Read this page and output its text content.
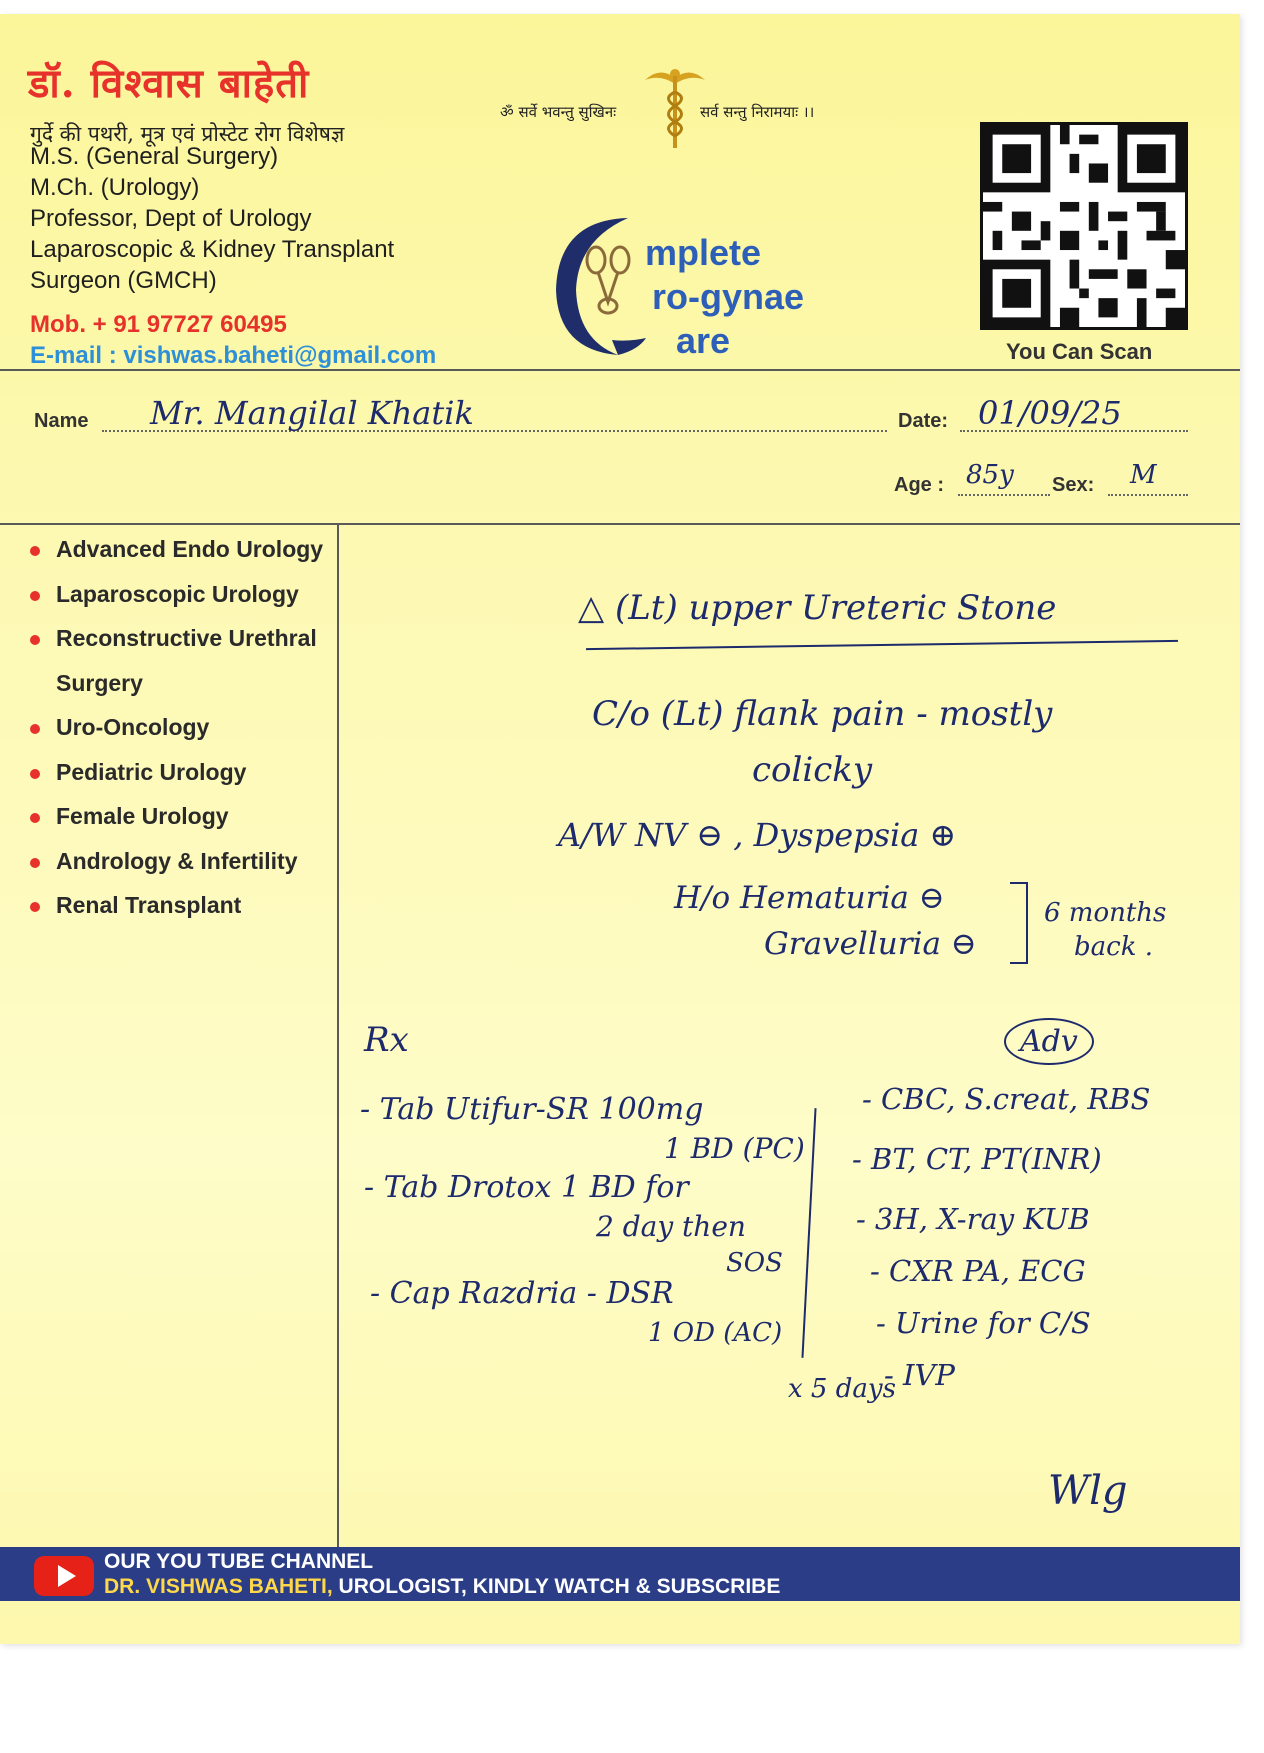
डॉ. विश्वास बाहेती
गुर्दे की पथरी, मूत्र एवं प्रोस्टेट रोग विशेषज्ञ
M.S. (General Surgery)
M.Ch. (Urology)
Professor, Dept of Urology
Laparoscopic & Kidney Transplant
Surgeon (GMCH)
Mob. + 91 97727 60495
E-mail : vishwas.baheti@gmail.com
ॐ सर्वे भवन्तु सुखिनः	सर्व सन्तु निरामयाः ।।
mplete
ro-gynae
are	You Can Scan
Name Mr. Mangilal Khatik	Date: 01/09/25
Age : 85y Sex: M
Advanced Endo Urology
Laparoscopic Urology
Reconstructive Urethral
Surgery
Uro-Oncology
Pediatric Urology
Female Urology
Andrology & Infertility
Renal Transplant
△ (Lt) upper Ureteric Stone
C/o (Lt) flank pain - mostly
colicky
A/W NV ⊖ , Dyspepsia ⊕
H/o Hematuria ⊖
Gravelluria ⊖
6 months
back .
Rx
- Tab Utifur-SR 100mg
1 BD (PC)
- Tab Drotox 1 BD for
2 day then
SOS
- Cap Razdria - DSR
1 OD (AC)
x 5 days
Adv
- CBC, S.creat, RBS
- BT, CT, PT(INR)
- 3H, X-ray KUB
- CXR PA, ECG
- Urine for C/S
- IVP
Wlg
OUR YOU TUBE CHANNEL
DR. VISHWAS BAHETI, UROLOGIST, KINDLY WATCH & SUBSCRIBE
